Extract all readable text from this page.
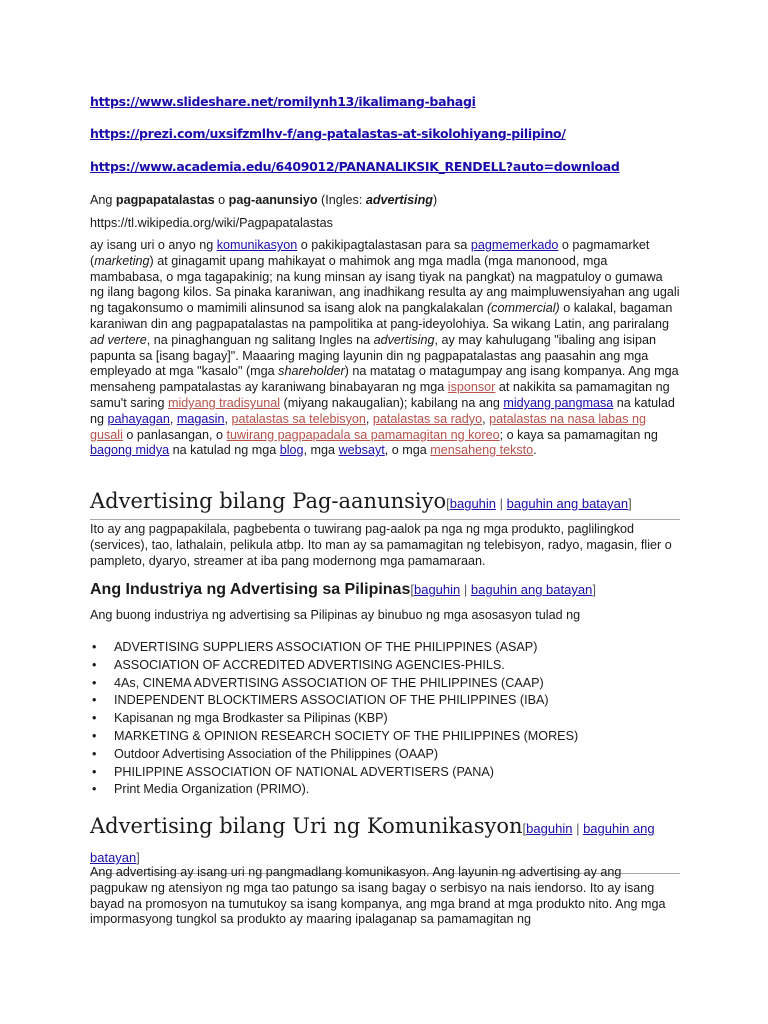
https://www.slideshare.net/romilynh13/ikalimang-bahagi
https://prezi.com/uxsifzmlhv-f/ang-patalastas-at-sikolohiyang-pilipino/
https://www.academia.edu/6409012/PANANALIKSIK_RENDELL?auto=download

Ang pagpapatalastas o pag-aanunsiyo (Ingles: advertising)

https://tl.wikipedia.org/wiki/Pagpapatalastas

ay isang uri o anyo ng komunikasyon o pakikipagtalastasan para sa pagmemerkado o pagmamarket (marketing) at ginagamit upang mahikayat o mahimok ang mga madla (mga manonood, mga mambabasa, o mga tagapakinig; na kung minsan ay isang tiyak na pangkat) na magpatuloy o gumawa ng ilang bagong kilos. Sa pinaka karaniwan, ang inadhikang resulta ay ang maimpluwensiyahan ang ugali ng tagakonsumo o mamimili alinsunod sa isang alok na pangkalakalan (commercial) o kalakal, bagaman karaniwan din ang pagpapatalastas na pampolitika at pang-ideyolohiya. Sa wikang Latin, ang pariralang ad vertere, na pinaghanguan ng salitang Ingles na advertising, ay may kahulugang "ibaling ang isipan papunta sa [isang bagay]". Maaaring maging layunin din ng pagpapatalastas ang paasahin ang mga empleyado at mga "kasalo" (mga shareholder) na matatag o matagumpay ang isang kompanya. Ang mga mensaheng pampatalastas ay karaniwang binabayaran ng mga isponsor at nakikita sa pamamagitan ng samu't saring midyang tradisyunal (miyang nakaugalian); kabilang na ang midyang pangmasa na katulad ng pahayagan, magasin, patalastas sa telebisyon, patalastas sa radyo, patalastas na nasa labas ng gusali o panlasangan, o tuwirang pagpapadala sa pamamagitan ng koreo; o kaya sa pamamagitan ng bagong midya na katulad ng mga blog, mga websayt, o mga mensaheng teksto.

Advertising bilang Pag-aanunsiyo[baguhin | baguhin ang batayan]

Ito ay ang pagpapakilala, pagbebenta o tuwirang pag-aalok pa nga ng mga produkto, paglilingkod (services), tao, lathalain, pelikula atbp. Ito man ay sa pamamagitan ng telebisyon, radyo, magasin, flier o pampleto, dyaryo, streamer at iba pang modernong mga pamamaraan.

Ang Industriya ng Advertising sa Pilipinas[baguhin | baguhin ang batayan]

Ang buong industriya ng advertising sa Pilipinas ay binubuo ng mga asosasyon tulad ng

• ADVERTISING SUPPLIERS ASSOCIATION OF THE PHILIPPINES (ASAP)
• ASSOCIATION OF ACCREDITED ADVERTISING AGENCIES-PHILS.
• 4As, CINEMA ADVERTISING ASSOCIATION OF THE PHILIPPINES (CAAP)
• INDEPENDENT BLOCKTIMERS ASSOCIATION OF THE PHILIPPINES (IBA)
• Kapisanan ng mga Brodkaster sa Pilipinas (KBP)
• MARKETING & OPINION RESEARCH SOCIETY OF THE PHILIPPINES (MORES)
• Outdoor Advertising Association of the Philippines (OAAP)
• PHILIPPINE ASSOCIATION OF NATIONAL ADVERTISERS (PANA)
• Print Media Organization (PRIMO).
Advertising bilang Uri ng Komunikasyon[baguhin | baguhin ang batayan]

Ang advertising ay isang uri ng pangmadlang komunikasyon. Ang layunin ng advertising ay ang pagpukaw ng atensiyon ng mga tao patungo sa isang bagay o serbisyo na nais iendorso. Ito ay isang bayad na promosyon na tumutukoy sa isang kompanya, ang mga brand at mga produkto nito. Ang mga impormasyong tungkol sa produkto ay maaring ipalaganap sa pamamagitan ng
